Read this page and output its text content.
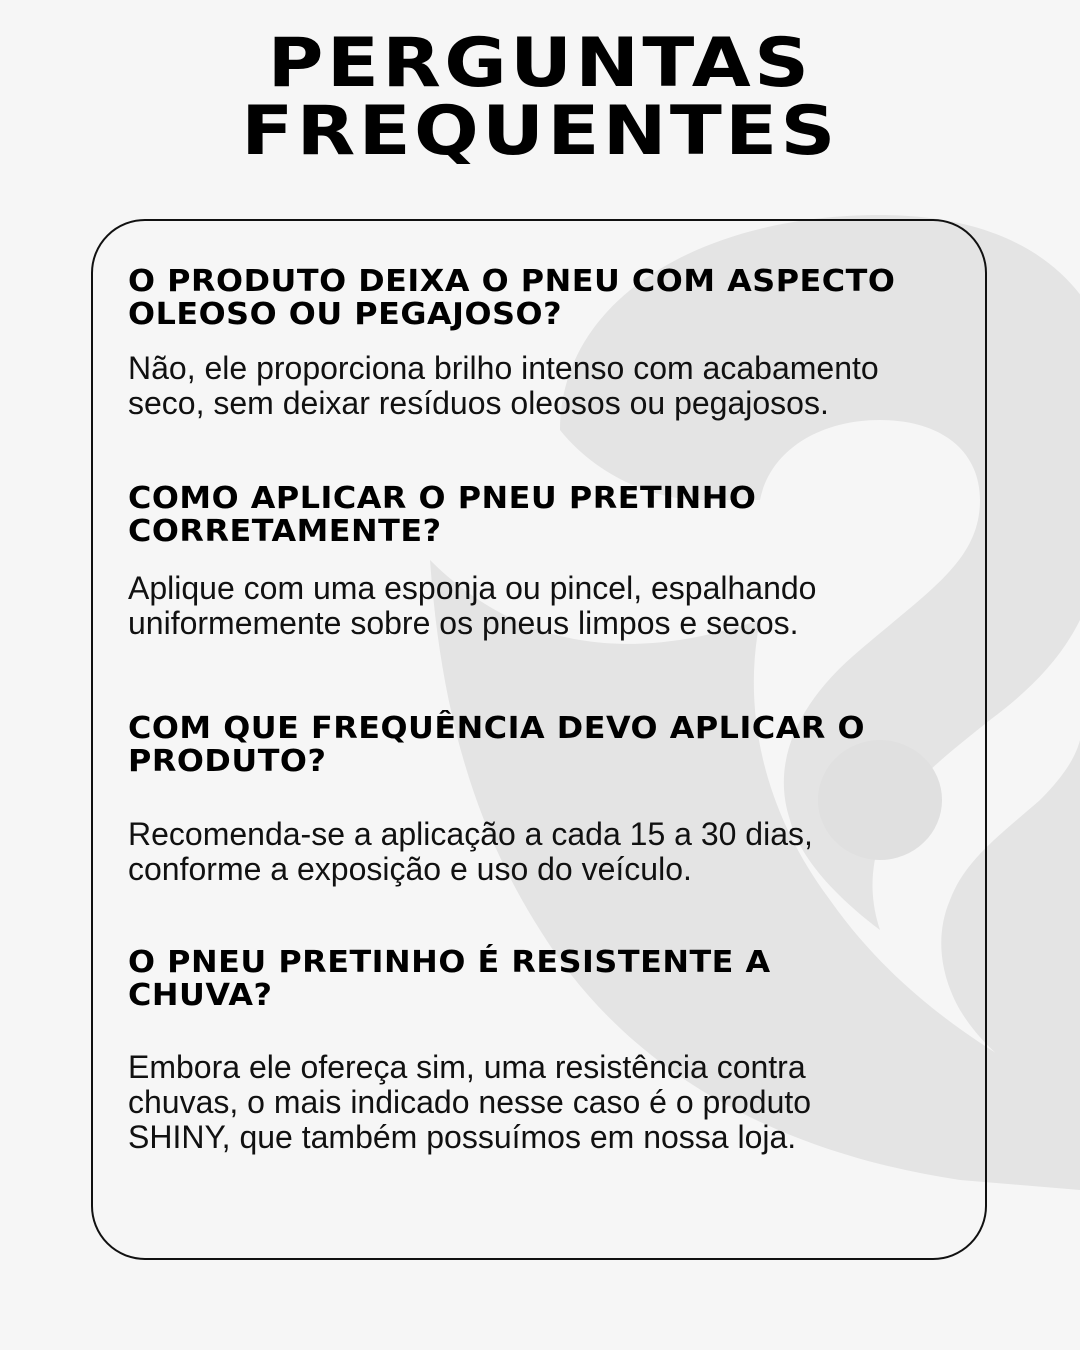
PERGUNTAS
FREQUENTES
O PRODUTO DEIXA O PNEU COM ASPECTO
OLEOSO OU PEGAJOSO?

Não, ele proporciona brilho intenso com acabamento
seco, sem deixar resíduos oleosos ou pegajosos.

COMO APLICAR O PNEU PRETINHO
CORRETAMENTE?

Aplique com uma esponja ou pincel, espalhando
uniformemente sobre os pneus limpos e secos.

COM QUE FREQUÊNCIA DEVO APLICAR O
PRODUTO?

Recomenda-se a aplicação a cada 15 a 30 dias,
conforme a exposição e uso do veículo.

O PNEU PRETINHO É RESISTENTE A
CHUVA?

Embora ele ofereça sim, uma resistência contra
chuvas, o mais indicado nesse caso é o produto
SHINY, que também possuímos em nossa loja.
